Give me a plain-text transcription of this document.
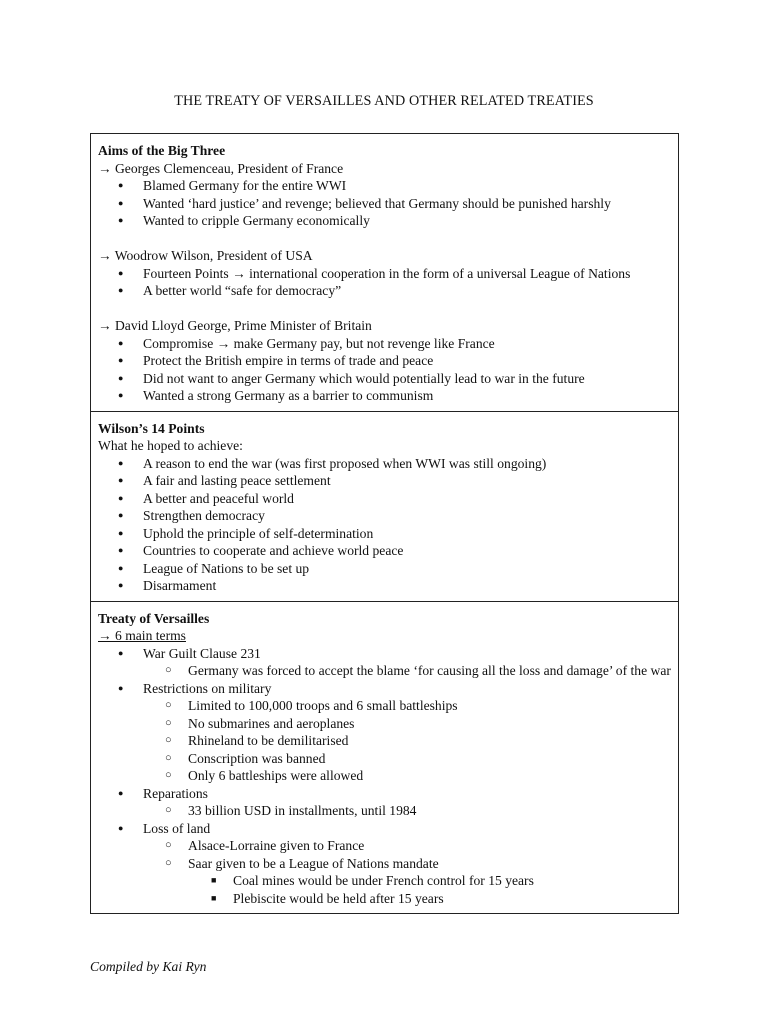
THE TREATY OF VERSAILLES AND OTHER RELATED TREATIES
Aims of the Big Three

→ Georges Clemenceau, President of France

● Blamed Germany for the entire WWI
● Wanted ‘hard justice’ and revenge; believed that Germany should be punished harshly
● Wanted to cripple Germany economically

→ Woodrow Wilson, President of USA

● Fourteen Points → international cooperation in the form of a universal League of Nations
● A better world “safe for democracy”

→ David Lloyd George, Prime Minister of Britain

● Compromise → make Germany pay, but not revenge like France
● Protect the British empire in terms of trade and peace
● Did not want to anger Germany which would potentially lead to war in the future
● Wanted a strong Germany as a barrier to communism
Wilson’s 14 Points

What he hoped to achieve:

● A reason to end the war (was first proposed when WWI was still ongoing)
● A fair and lasting peace settlement
● A better and peaceful world
● Strengthen democracy
● Uphold the principle of self-determination
● Countries to cooperate and achieve world peace
● League of Nations to be set up
● Disarmament
Treaty of Versailles

→ 6 main terms

● War Guilt Clause 231
○ Germany was forced to accept the blame ‘for causing all the loss and damage’ of the war
● Restrictions on military
○ Limited to 100,000 troops and 6 small battleships
○ No submarines and aeroplanes
○ Rhineland to be demilitarised
○ Conscription was banned
○ Only 6 battleships were allowed
● Reparations
○ 33 billion USD in installments, until 1984
● Loss of land
○ Alsace-Lorraine given to France
○ Saar given to be a League of Nations mandate
■ Coal mines would be under French control for 15 years
■ Plebiscite would be held after 15 years
Compiled by Kai Ryn
